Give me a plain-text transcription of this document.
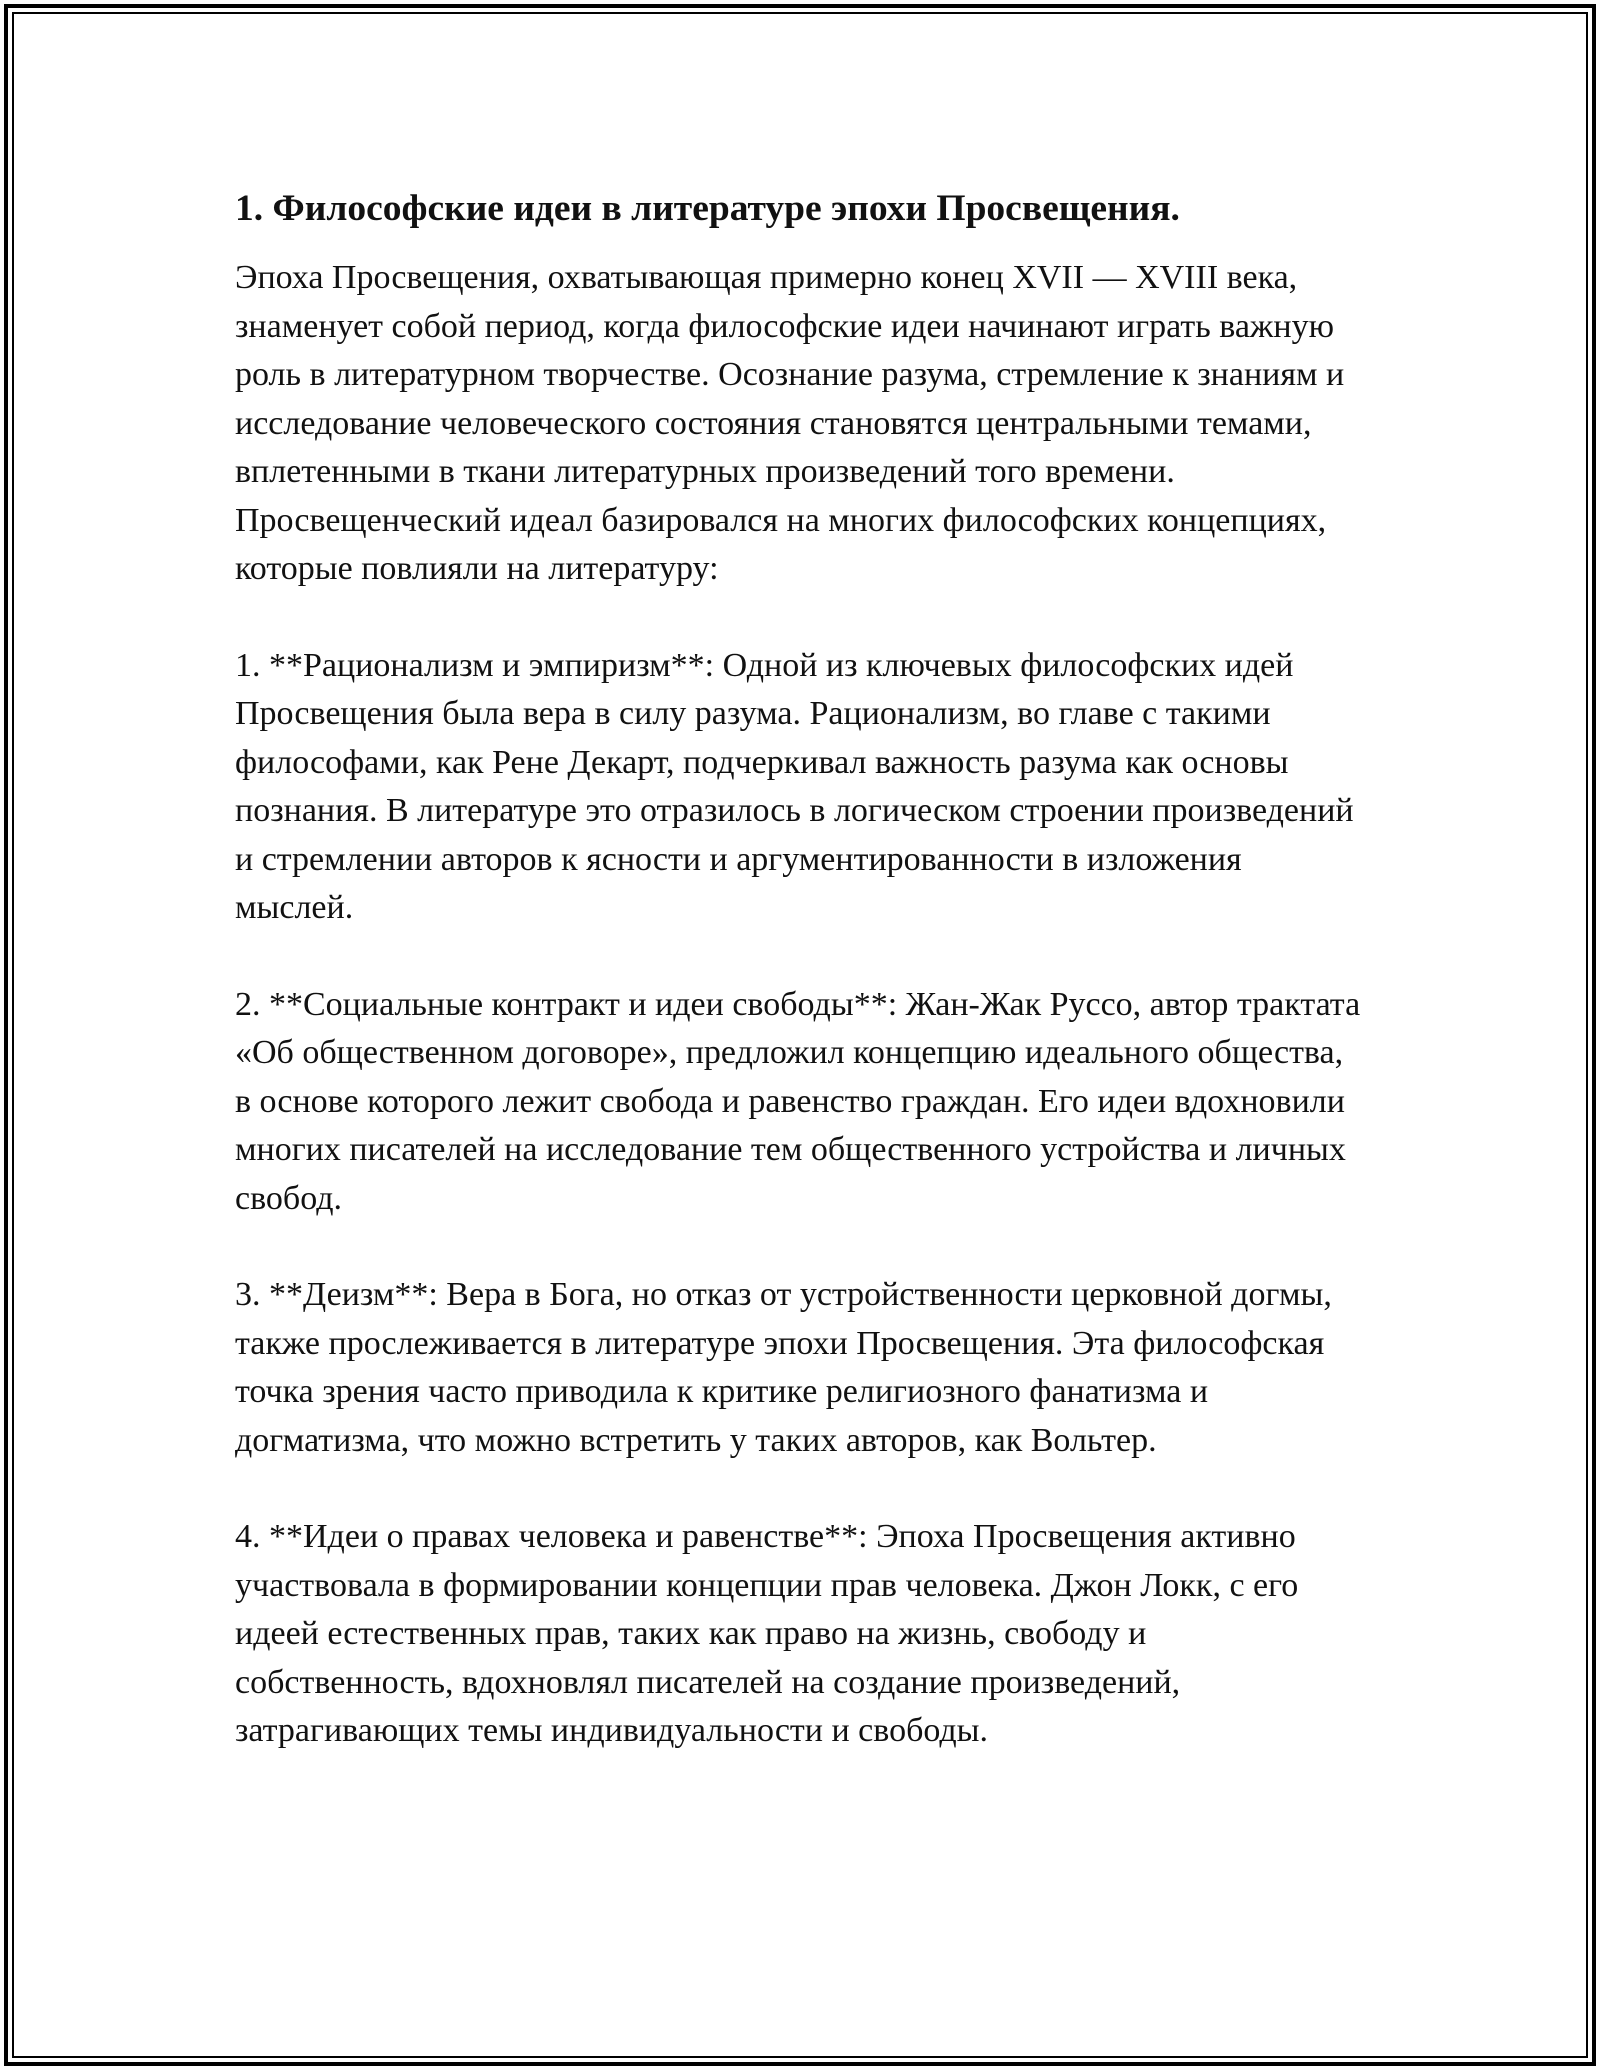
1. Философские идеи в литературе эпохи Просвещения.

Эпоха Просвещения, охватывающая примерно конец XVII — XVIII века, знаменует собой период, когда философские идеи начинают играть важную роль в литературном творчестве. Осознание разума, стремление к знаниям и исследование человеческого состояния становятся центральными темами, вплетенными в ткани литературных произведений того времени. Просвещенческий идеал базировался на многих философских концепциях, которые повлияли на литературу:

1. **Рационализм и эмпиризм**: Одной из ключевых философских идей Просвещения была вера в силу разума. Рационализм, во главе с такими философами, как Рене Декарт, подчеркивал важность разума как основы познания. В литературе это отразилось в логическом строении произведений и стремлении авторов к ясности и аргументированности в изложения мыслей.

2. **Социальные контракт и идеи свободы**: Жан-Жак Руссо, автор трактата «Об общественном договоре», предложил концепцию идеального общества, в основе которого лежит свобода и равенство граждан. Его идеи вдохновили многих писателей на исследование тем общественного устройства и личных свобод.

3. **Деизм**: Вера в Бога, но отказ от устройственности церковной догмы, также прослеживается в литературе эпохи Просвещения. Эта философская точка зрения часто приводила к критике религиозного фанатизма и догматизма, что можно встретить у таких авторов, как Вольтер.

4. **Идеи о правах человека и равенстве**: Эпоха Просвещения активно участвовала в формировании концепции прав человека. Джон Локк, с его идеей естественных прав, таких как право на жизнь, свободу и собственность, вдохновлял писателей на создание произведений, затрагивающих темы индивидуальности и свободы.
